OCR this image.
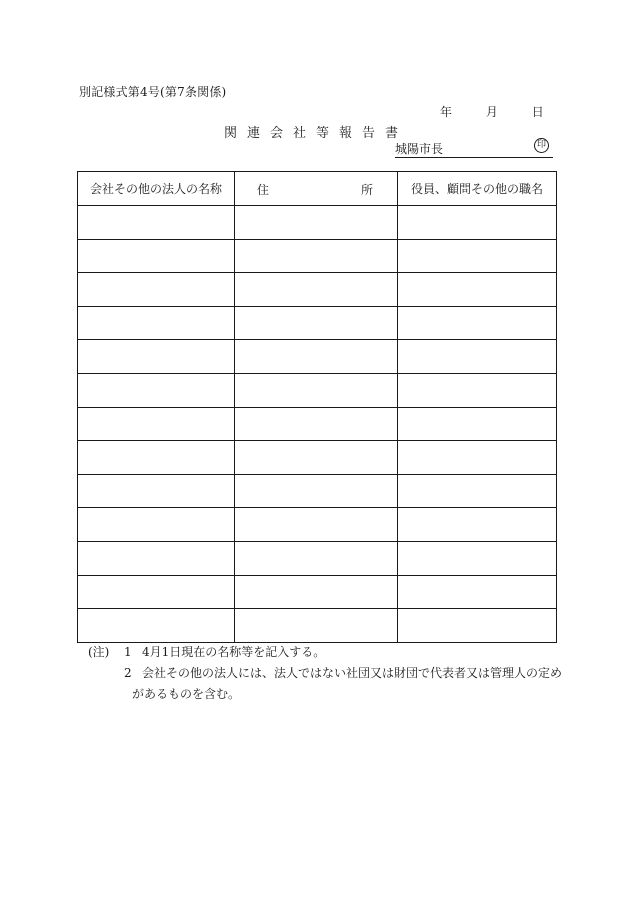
別記様式第4号(第7条関係)
年	月	日
関連会社等報告書
城陽市長	印
会社その他の法人の名称	住 所	役員、顧問その他の職名

(注) 1 4月1日現在の名称等を記入する。
2 会社その他の法人には、法人ではない社団又は財団で代表者又は管理人の定め
があるものを含む。
